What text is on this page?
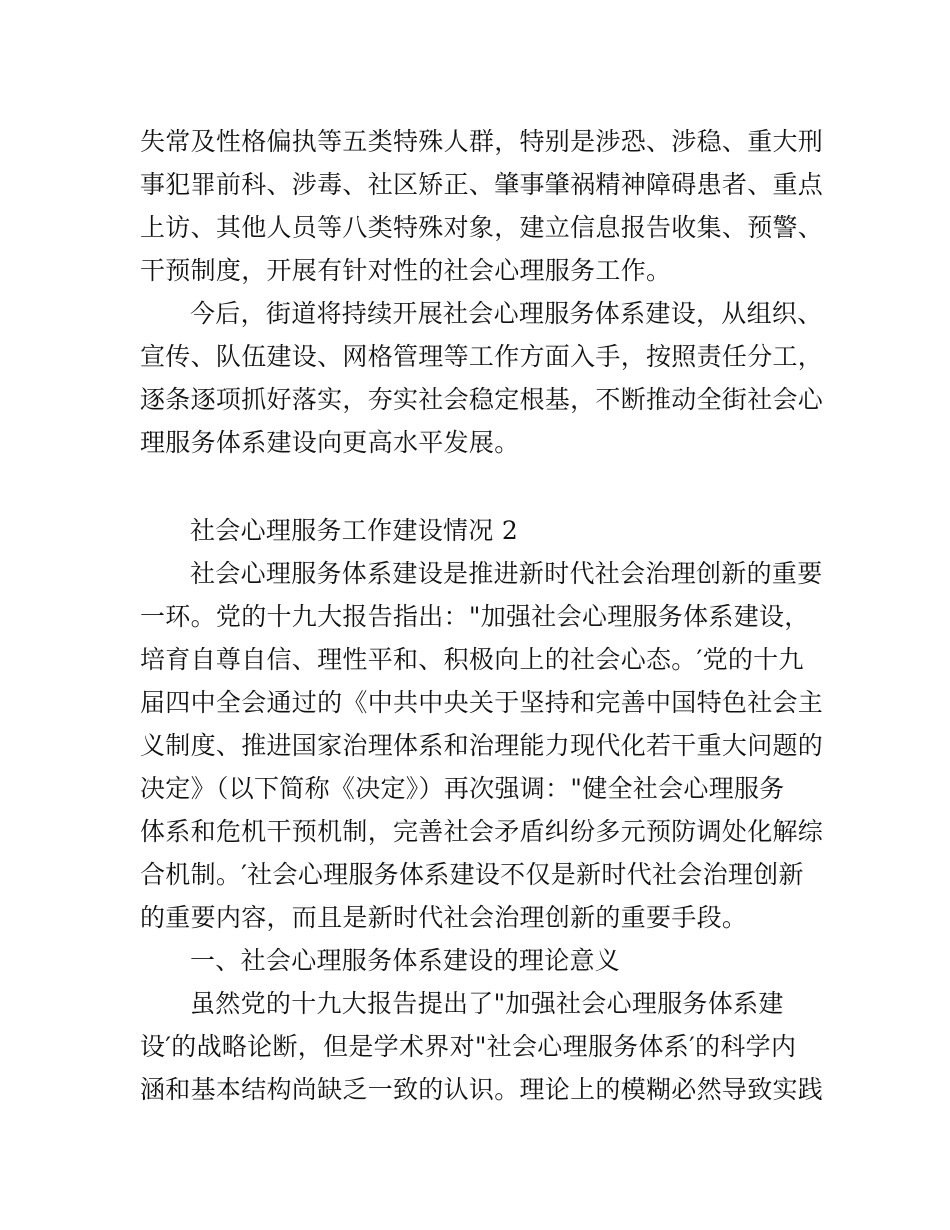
失常及性格偏执等五类特殊人群，特别是涉恐、涉稳、重大刑
事犯罪前科、涉毒、社区矫正、肇事肇祸精神障碍患者、重点
上访、其他人员等八类特殊对象，建立信息报告收集、预警、
干预制度，开展有针对性的社会心理服务工作。
今后，街道将持续开展社会心理服务体系建设，从组织、
宣传、队伍建设、网格管理等工作方面入手，按照责任分工，
逐条逐项抓好落实，夯实社会稳定根基，不断推动全街社会心
理服务体系建设向更高水平发展。
社会心理服务工作建设情况 2
社会心理服务体系建设是推进新时代社会治理创新的重要
一环。党的十九大报告指出："加强社会心理服务体系建设，
培育自尊自信、理性平和、积极向上的社会心态。′党的十九
届四中全会通过的《中共中央关于坚持和完善中国特色社会主
义制度、推进国家治理体系和治理能力现代化若干重大问题的
决定》（以下简称《决定》）再次强调："健全社会心理服务
体系和危机干预机制，完善社会矛盾纠纷多元预防调处化解综
合机制。′社会心理服务体系建设不仅是新时代社会治理创新
的重要内容，而且是新时代社会治理创新的重要手段。
一、社会心理服务体系建设的理论意义
虽然党的十九大报告提出了"加强社会心理服务体系建
设′的战略论断，但是学术界对"社会心理服务体系′的科学内
涵和基本结构尚缺乏一致的认识。理论上的模糊必然导致实践
